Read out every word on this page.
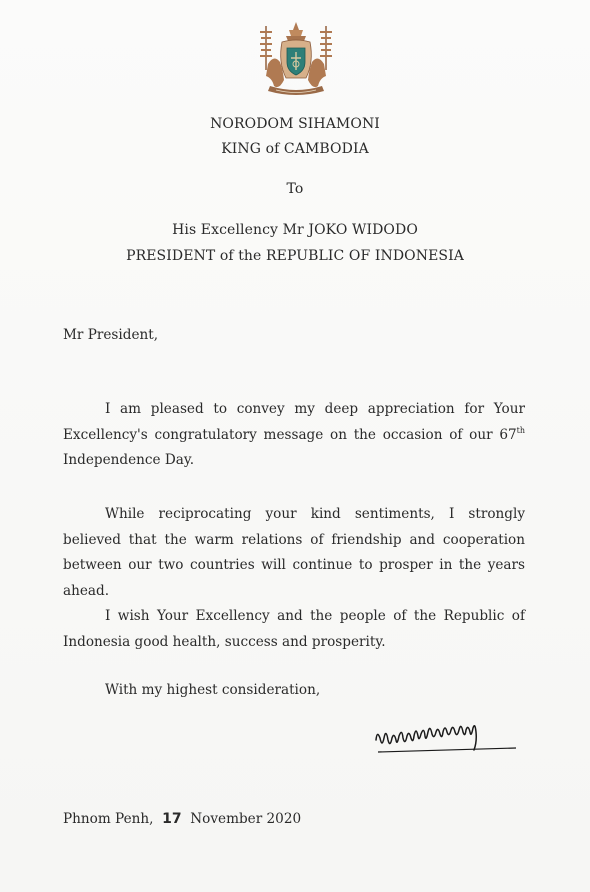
NORODOM SIHAMONI
KING of CAMBODIA
To
His Excellency Mr JOKO WIDODO
PRESIDENT of the REPUBLIC OF INDONESIA
Mr President,
I am pleased to convey my deep appreciation for Your Excellency's congratulatory message on the occasion of our 67th Independence Day.
While reciprocating your kind sentiments, I strongly believed that the warm relations of friendship and cooperation between our two countries will continue to prosper in the years ahead.
I wish Your Excellency and the people of the Republic of Indonesia good health, success and prosperity.
With my highest consideration,
Phnom Penh, 17 November 2020
